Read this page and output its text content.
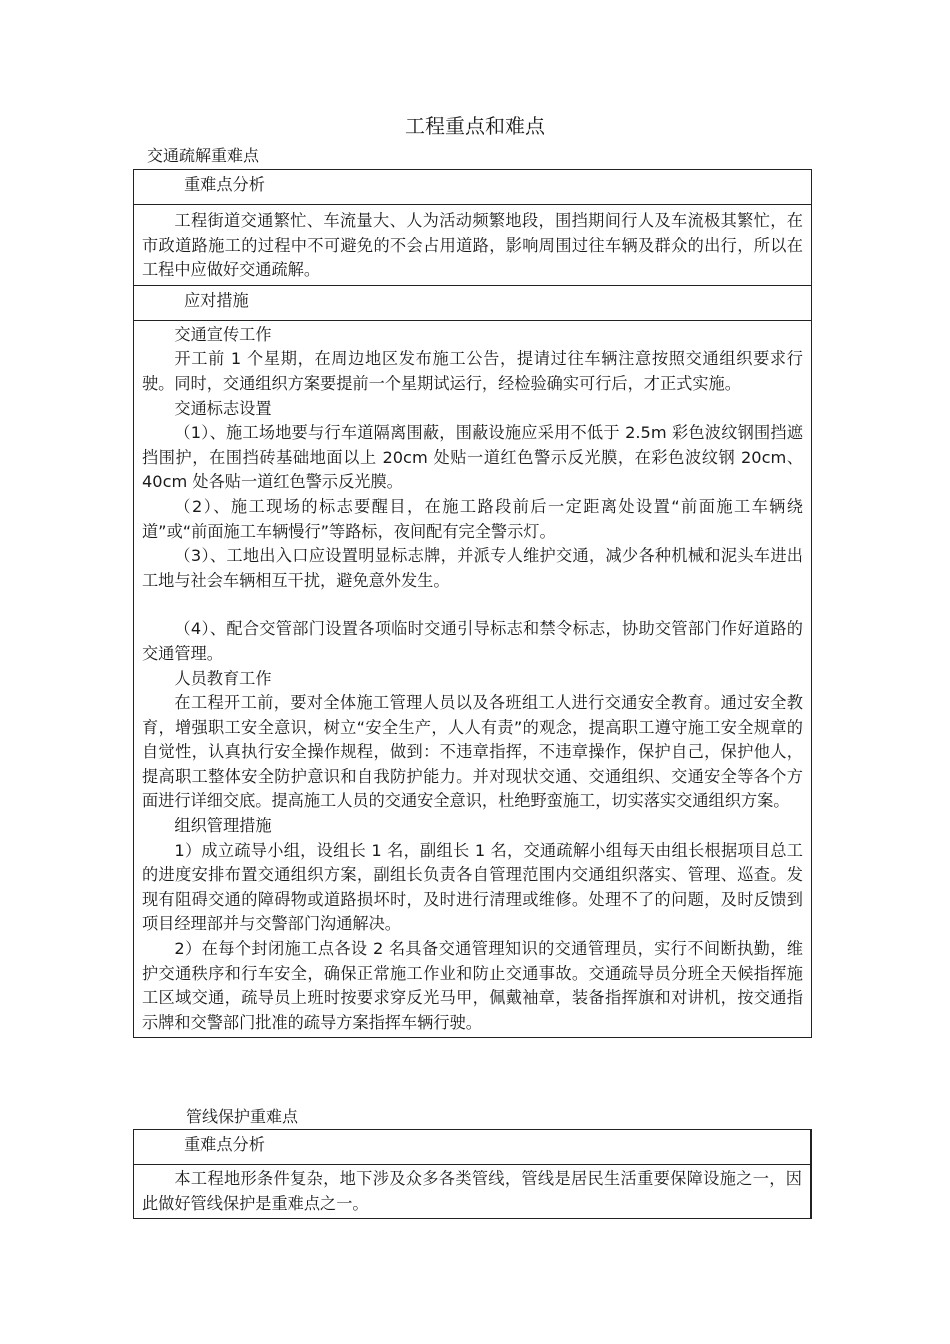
工程重点和难点
交通疏解重难点
重难点分析

工程街道交通繁忙、车流量大、人为活动频繁地段，围挡期间行人及车流极其繁忙，在市政道路施工的过程中不可避免的不会占用道路，影响周围过往车辆及群众的出行，所以在工程中应做好交通疏解。

应对措施

交通宣传工作

开工前 1 个星期，在周边地区发布施工公告，提请过往车辆注意按照交通组织要求行驶。同时，交通组织方案要提前一个星期试运行，经检验确实可行后，才正式实施。

交通标志设置

（1）、施工场地要与行车道隔离围蔽，围蔽设施应采用不低于 2.5m 彩色波纹钢围挡遮挡围护，在围挡砖基础地面以上 20cm 处贴一道红色警示反光膜，在彩色波纹钢 20cm、40cm 处各贴一道红色警示反光膜。

（2）、施工现场的标志要醒目，在施工路段前后一定距离处设置“前面施工车辆绕道”或“前面施工车辆慢行”等路标，夜间配有完全警示灯。

（3）、工地出入口应设置明显标志牌，并派专人维护交通，减少各种机械和泥头车进出工地与社会车辆相互干扰，避免意外发生。

（4）、配合交管部门设置各项临时交通引导标志和禁令标志，协助交管部门作好道路的交通管理。

人员教育工作

在工程开工前，要对全体施工管理人员以及各班组工人进行交通安全教育。通过安全教育，增强职工安全意识，树立“安全生产，人人有责”的观念，提高职工遵守施工安全规章的自觉性，认真执行安全操作规程，做到：不违章指挥，不违章操作，保护自己，保护他人，提高职工整体安全防护意识和自我防护能力。并对现状交通、交通组织、交通安全等各个方面进行详细交底。提高施工人员的交通安全意识，杜绝野蛮施工，切实落实交通组织方案。

组织管理措施

1）成立疏导小组，设组长 1 名，副组长 1 名，交通疏解小组每天由组长根据项目总工的进度安排布置交通组织方案，副组长负责各自管理范围内交通组织落实、管理、巡查。发现有阻碍交通的障碍物或道路损坏时，及时进行清理或维修。处理不了的问题，及时反馈到项目经理部并与交警部门沟通解决。

2）在每个封闭施工点各设 2 名具备交通管理知识的交通管理员，实行不间断执勤，维护交通秩序和行车安全，确保正常施工作业和防止交通事故。交通疏导员分班全天候指挥施工区域交通，疏导员上班时按要求穿反光马甲，佩戴袖章，装备指挥旗和对讲机，按交通指示牌和交警部门批准的疏导方案指挥车辆行驶。

管线保护重难点
重难点分析

本工程地形条件复杂，地下涉及众多各类管线，管线是居民生活重要保障设施之一，因此做好管线保护是重难点之一。
